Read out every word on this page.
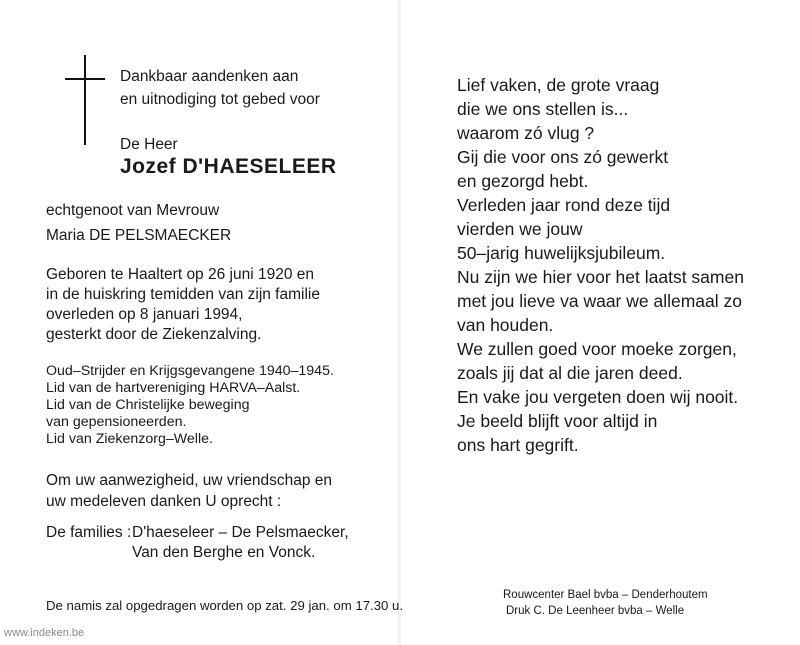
Dankbaar aandenken aan
en uitnodiging tot gebed voor
De Heer
Jozef D'HAESELEER
echtgenoot van Mevrouw
Maria DE PELSMAECKER
Geboren te Haaltert op 26 juni 1920 en
in de huiskring temidden van zijn familie
overleden op 8 januari 1994,
gesterkt door de Ziekenzalving.
Oud–Strijder en Krijgsgevangene 1940–1945.
Lid van de hartvereniging HARVA–Aalst.
Lid van de Christelijke beweging
van gepensioneerden.
Lid van Ziekenzorg–Welle.
Om uw aanwezigheid, uw vriendschap en
uw medeleven danken U oprecht :
De families : D'haeseleer – De Pelsmaecker,
Van den Berghe en Vonck.
De namis zal opgedragen worden op zat. 29 jan. om 17.30 u.
Lief vaken, de grote vraag
die we ons stellen is...
waarom zó vlug ?
Gij die voor ons zó gewerkt
en gezorgd hebt.
Verleden jaar rond deze tijd
vierden we jouw
50–jarig huwelijksjubileum.
Nu zijn we hier voor het laatst samen
met jou lieve va waar we allemaal zo
van houden.
We zullen goed voor moeke zorgen,
zoals jij dat al die jaren deed.
En vake jou vergeten doen wij nooit.
Je beeld blijft voor altijd in
ons hart gegrift.
Rouwcenter Bael bvba – Denderhoutem
Druk C. De Leenheer bvba – Welle
www.indeken.be
